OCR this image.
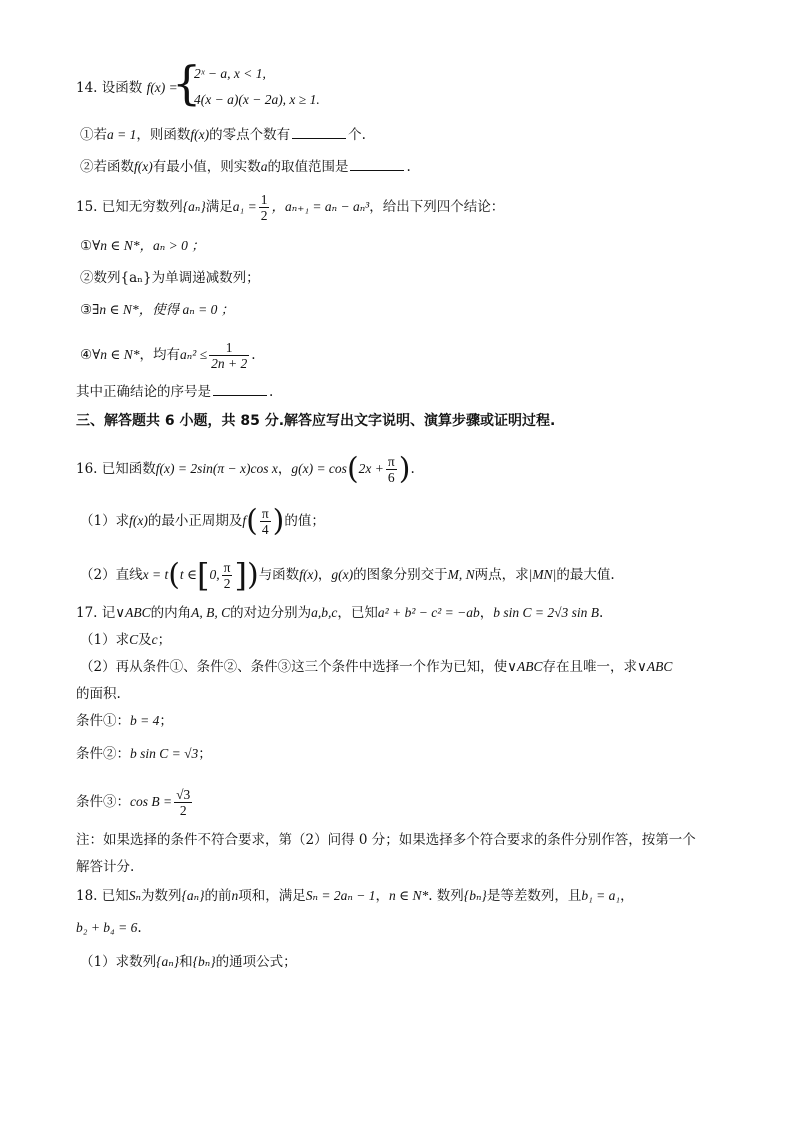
14. 设函数 f(x) =
{
2ˣ − a, x < 1,
4(x − a)(x − 2a), x ≥ 1.
①若a = 1，则函数f(x)的零点个数有	个.
②若函数f(x)有最小值，则实数a的取值范围是	.
15. 已知无穷数列{aₙ}满足$a_1 = \frac{1}{2}$ ，aₙ₊₁ = aₙ − aₙ³，给出下列四个结论：
①∀n ∈ N*，aₙ > 0 ；
②数列{aₙ}为单调递减数列；
③∃n ∈ N*，使得 aₙ = 0 ；
④∀n ∈ N*，均有$a_n^2 \le \frac{1}{2n + 2}$ .
其中正确结论的序号是	.
三、解答题共 6 小题，共 85 分.解答应写出文字说明、演算步骤或证明过程.
16. 已知函数f(x) = 2sin(π − x)cos x，$g(x) = \cos(2x + \frac{\pi}{6}$ ).
（1）求f(x)的最小正周期及$f( \frac{\pi}{4}$ )的值；
（2）直线x = t(t ∈[0, $\frac{\pi}{2}$ ])与函数f(x)，g(x)的图象分别交于M, N两点，求|MN|的最大值.
17. 记∨ABC的内角A, B, C的对边分别为a,b,c，已知a² + b² − c² = −ab，b sin C = 2√3 sin B.
（1）求C及c；
（2）再从条件①、条件②、条件③这三个条件中选择一个作为已知，使∨ABC存在且唯一，求∨ABC
的面积.
条件①：b = 4；
条件②：b sin C = √3；
条件③：$\cos B = \frac{√3}{2}$
注：如果选择的条件不符合要求，第（2）问得 0 分；如果选择多个符合要求的条件分别作答，按第一个
解答计分.
18. 已知Sₙ为数列{aₙ}的前n项和，满足Sₙ = 2aₙ − 1，n ∈ N*. 数列{bₙ}是等差数列，且b₁ = a₁，
b₂ + b₄ = 6.
（1）求数列{aₙ}和{bₙ}的通项公式；
